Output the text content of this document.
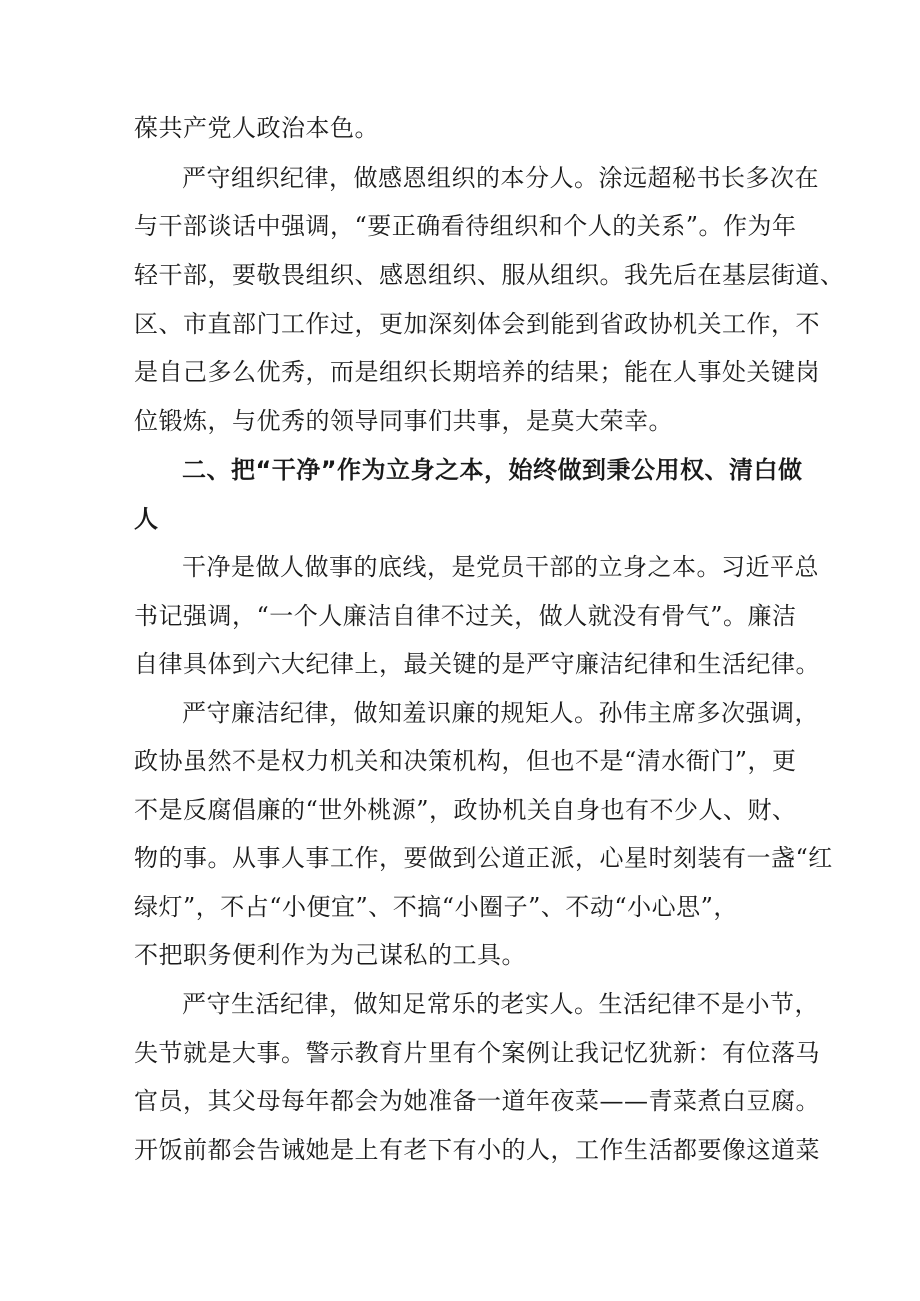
葆共产党人政治本色。
严守组织纪律，做感恩组织的本分人。涂远超秘书长多次在
与干部谈话中强调，“要正确看待组织和个人的关系”。作为年
轻干部，要敬畏组织、感恩组织、服从组织。我先后在基层街道、
区、市直部门工作过，更加深刻体会到能到省政协机关工作，不
是自己多么优秀，而是组织长期培养的结果；能在人事处关键岗
位锻炼，与优秀的领导同事们共事，是莫大荣幸。
二、把“干净”作为立身之本，始终做到秉公用权、清白做
人
干净是做人做事的底线，是党员干部的立身之本。习近平总
书记强调，“一个人廉洁自律不过关，做人就没有骨气”。廉洁
自律具体到六大纪律上，最关键的是严守廉洁纪律和生活纪律。
严守廉洁纪律，做知羞识廉的规矩人。孙伟主席多次强调，
政协虽然不是权力机关和决策机构，但也不是“清水衙门”，更
不是反腐倡廉的“世外桃源”，政协机关自身也有不少人、财、
物的事。从事人事工作，要做到公道正派，心星时刻装有一盏“红
绿灯”，不占“小便宜”、不搞“小圈子”、不动“小心思”，
不把职务便利作为为己谋私的工具。
严守生活纪律，做知足常乐的老实人。生活纪律不是小节，
失节就是大事。警示教育片里有个案例让我记忆犹新：有位落马
官员，其父母每年都会为她准备一道年夜菜——青菜煮白豆腐。
开饭前都会告诫她是上有老下有小的人，工作生活都要像这道菜
